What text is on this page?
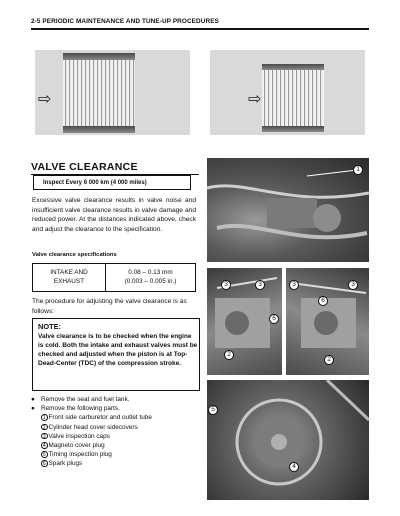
2-5 PERIODIC MAINTENANCE AND TUNE-UP PROCEDURES
⇨	⇨
VALVE CLEARANCE
Inspect Every 6 000 km (4 000 miles)
Excessive valve clearance results in valve noise and insufficient valve clearance results in valve damage and reduced power. At the distances indicated above, check and adjust the clearance to the specification.
Valve clearance specifications
INTAKE AND
EXHAUST

0.08 – 0.13 mm
(0.003 – 0.005 in.)
The procedure for adjusting the valve clearance is as follows:
NOTE:
Valve clearance is to be checked when the engine is cold. Both the intake and exhaust valves must be checked and adjusted when the piston is at Top-Dead-Center (TDC) of the compression stroke.
● Remove the seat and fuel tank.
● Remove the following parts.
1 Front side carburetor and outlet tube
2 Cylinder head cover sidecovers
3 Valve inspection caps
4 Magneto cover plug
5 Timing inspection plug
6 Spark plugs
1
3	3
6
2
3	3
6
2
5
4
